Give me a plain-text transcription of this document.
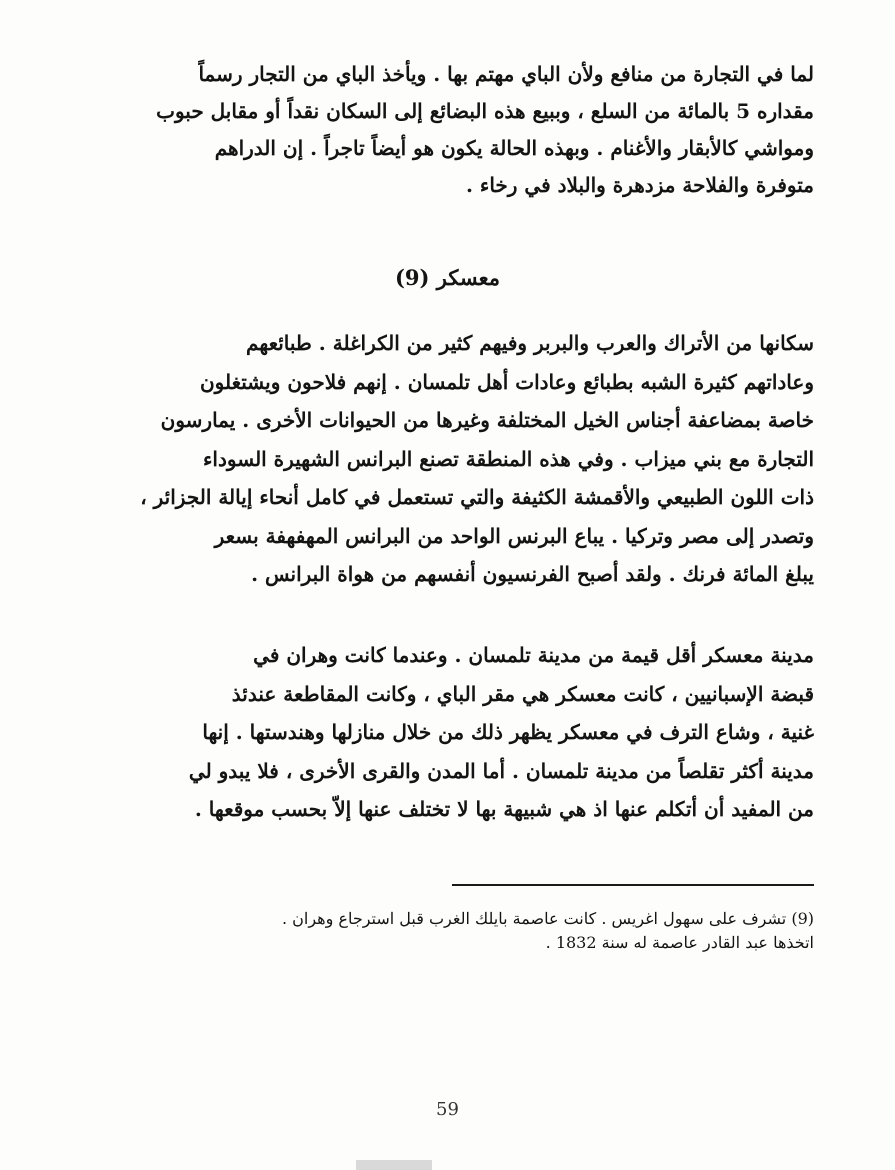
لما في التجارة من منافع ولأن الباي مهتم بها . ويأخذ الباي من التجار رسماً
مقداره 5 بالمائة من السلع ، وببيع هذه البضائع إلى السكان نقداً أو مقابل حبوب
ومواشي كالأبقار والأغنام . وبهذه الحالة يكون هو أيضاً تاجراً . إن الدراهم
متوفرة والفلاحة مزدهرة والبلاد في رخاء .
معسكر (9)
سكانها من الأتراك والعرب والبربر وفيهم كثير من الكراغلة . طبائعهم
وعاداتهم كثيرة الشبه بطبائع وعادات أهل تلمسان . إنهم فلاحون ويشتغلون
خاصة بمضاعفة أجناس الخيل المختلفة وغيرها من الحيوانات الأخرى . يمارسون
التجارة مع بني ميزاب . وفي هذه المنطقة تصنع البرانس الشهيرة السوداء
ذات اللون الطبيعي والأقمشة الكثيفة والتي تستعمل في كامل أنحاء إيالة الجزائر ،
وتصدر إلى مصر وتركيا . يباع البرنس الواحد من البرانس المهفهفة بسعر
يبلغ المائة فرنك . ولقد أصبح الفرنسيون أنفسهم من هواة البرانس .
مدينة معسكر أقل قيمة من مدينة تلمسان . وعندما كانت وهران في
قبضة الإسبانيين ، كانت معسكر هي مقر الباي ، وكانت المقاطعة عندئذ
غنية ، وشاع الترف في معسكر يظهر ذلك من خلال منازلها وهندستها . إنها
مدينة أكثر تقلصاً من مدينة تلمسان . أما المدن والقرى الأخرى ، فلا يبدو لي
من المفيد أن أتكلم عنها اذ هي شبيهة بها لا تختلف عنها إلاّ بحسب موقعها .
(9) تشرف على سهول اغريس . كانت عاصمة بايلك الغرب قبل استرجاع وهران .
اتخذها عبد القادر عاصمة له سنة 1832 .
59
